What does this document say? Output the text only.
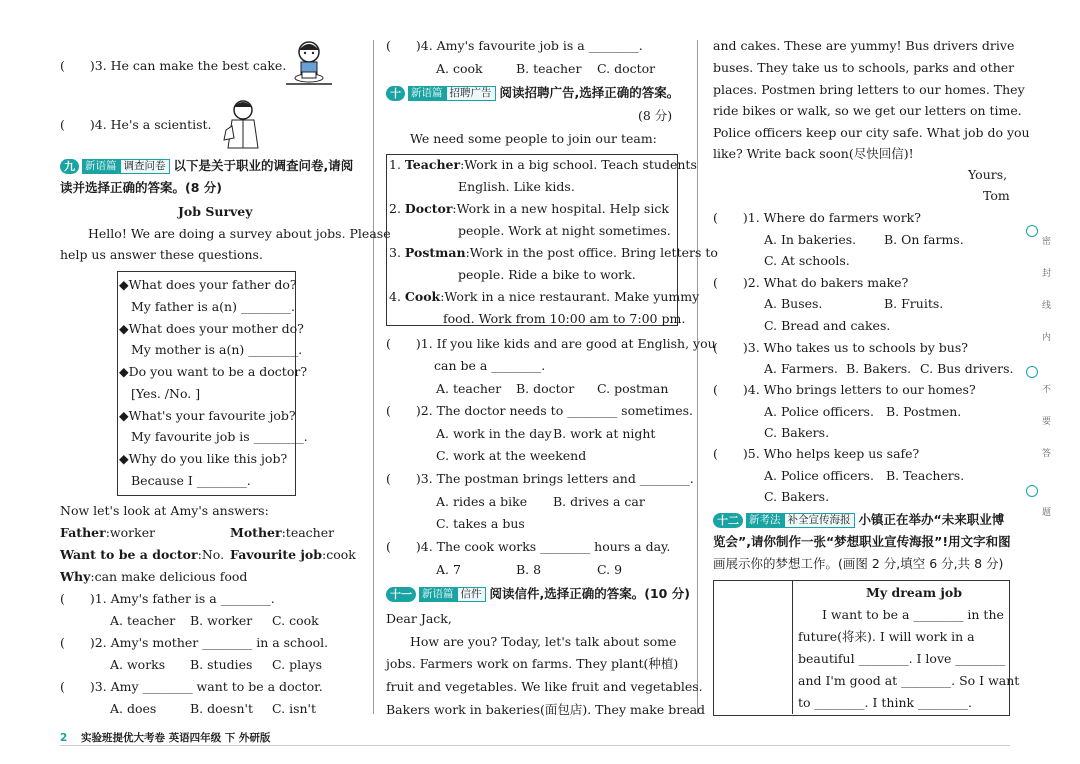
(　　)3. He can make the best cake.
(　　)4. He's a scientist.
九 新语篇 调查问卷 以下是关于职业的调查问卷,请阅
读并选择正确的答案。(8 分)
Job Survey
Hello! We are doing a survey about jobs. Please
help us answer these questions.
◆What does your father do?
My father is a(n) ________.
◆What does your mother do?
My mother is a(n) ________.
◆Do you want to be a doctor?
[Yes. /No. ]
◆What's your favourite job?
My favourite job is ________.
◆Why do you like this job?
Because I ________.
Now let's look at Amy's answers:
Father:worker	Mother:teacher
Want to be a doctor:No. Favourite job:cook
Why:can make delicious food
(　　)1. Amy's father is a ________.
A. teacher B. worker C. cook
(　　)2. Amy's mother ________ in a school.
A. works B. studies C. plays
(　　)3. Amy ________ want to be a doctor.
A. does	B. doesn't C. isn't
(　　)4. Amy's favourite job is a ________.
A. cook	B. teacher C. doctor
十 新语篇 招聘广告 阅读招聘广告,选择正确的答案。
(8 分)
We need some people to join our team:
1. Teacher:Work in a big school. Teach students
English. Like kids.
2. Doctor:Work in a new hospital. Help sick
people. Work at night sometimes.
3. Postman:Work in the post office. Bring letters to
people. Ride a bike to work.
4. Cook:Work in a nice restaurant. Make yummy
food. Work from 10:00 am to 7:00 pm.
(　　)1. If you like kids and are good at English, you
can be a ________.
A. teacher B. doctor C. postman
(　　)2. The doctor needs to ________ sometimes.
A. work in the day B. work at night
C. work at the weekend
(　　)3. The postman brings letters and ________.
A. rides a bike B. drives a car
C. takes a bus
(　　)4. The cook works ________ hours a day.
A. 7	B. 8	C. 9
十一 新语篇 信件 阅读信件,选择正确的答案。(10 分)
Dear Jack,
How are you? Today, let's talk about some
jobs. Farmers work on farms. They plant(种植)
fruit and vegetables. We like fruit and vegetables.
Bakers work in bakeries(面包店). They make bread
and cakes. These are yummy! Bus drivers drive
buses. They take us to schools, parks and other
places. Postmen bring letters to our homes. They
ride bikes or walk, so we get our letters on time.
Police officers keep our city safe. What job do you
like? Write back soon(尽快回信)!
Yours,
Tom
(　　)1. Where do farmers work?
A. In bakeries. B. On farms.
C. At schools.
(　　)2. What do bakers make?
A. Buses.	B. Fruits.
C. Bread and cakes.
(　　)3. Who takes us to schools by bus?
A. Farmers. B. Bakers. C. Bus drivers.
(　　)4. Who brings letters to our homes?
A. Police officers. B. Postmen.
C. Bakers.
(　　)5. Who helps keep us safe?
A. Police officers. B. Teachers.
C. Bakers.
十二 新考法 补全宣传海报 小镇正在举办“未来职业博
览会”,请你制作一张“梦想职业宣传海报”!用文字和图
画展示你的梦想工作。(画图 2 分,填空 6 分,共 8 分)
My dream job
I want to be a ________ in the
future(将来). I will work in a
beautiful ________. I love ________
and I'm good at ________. So I want
to ________. I think ________.
密
封
线
内
不
要
答
题
2 实验班提优大考卷 英语四年级 下 外研版
